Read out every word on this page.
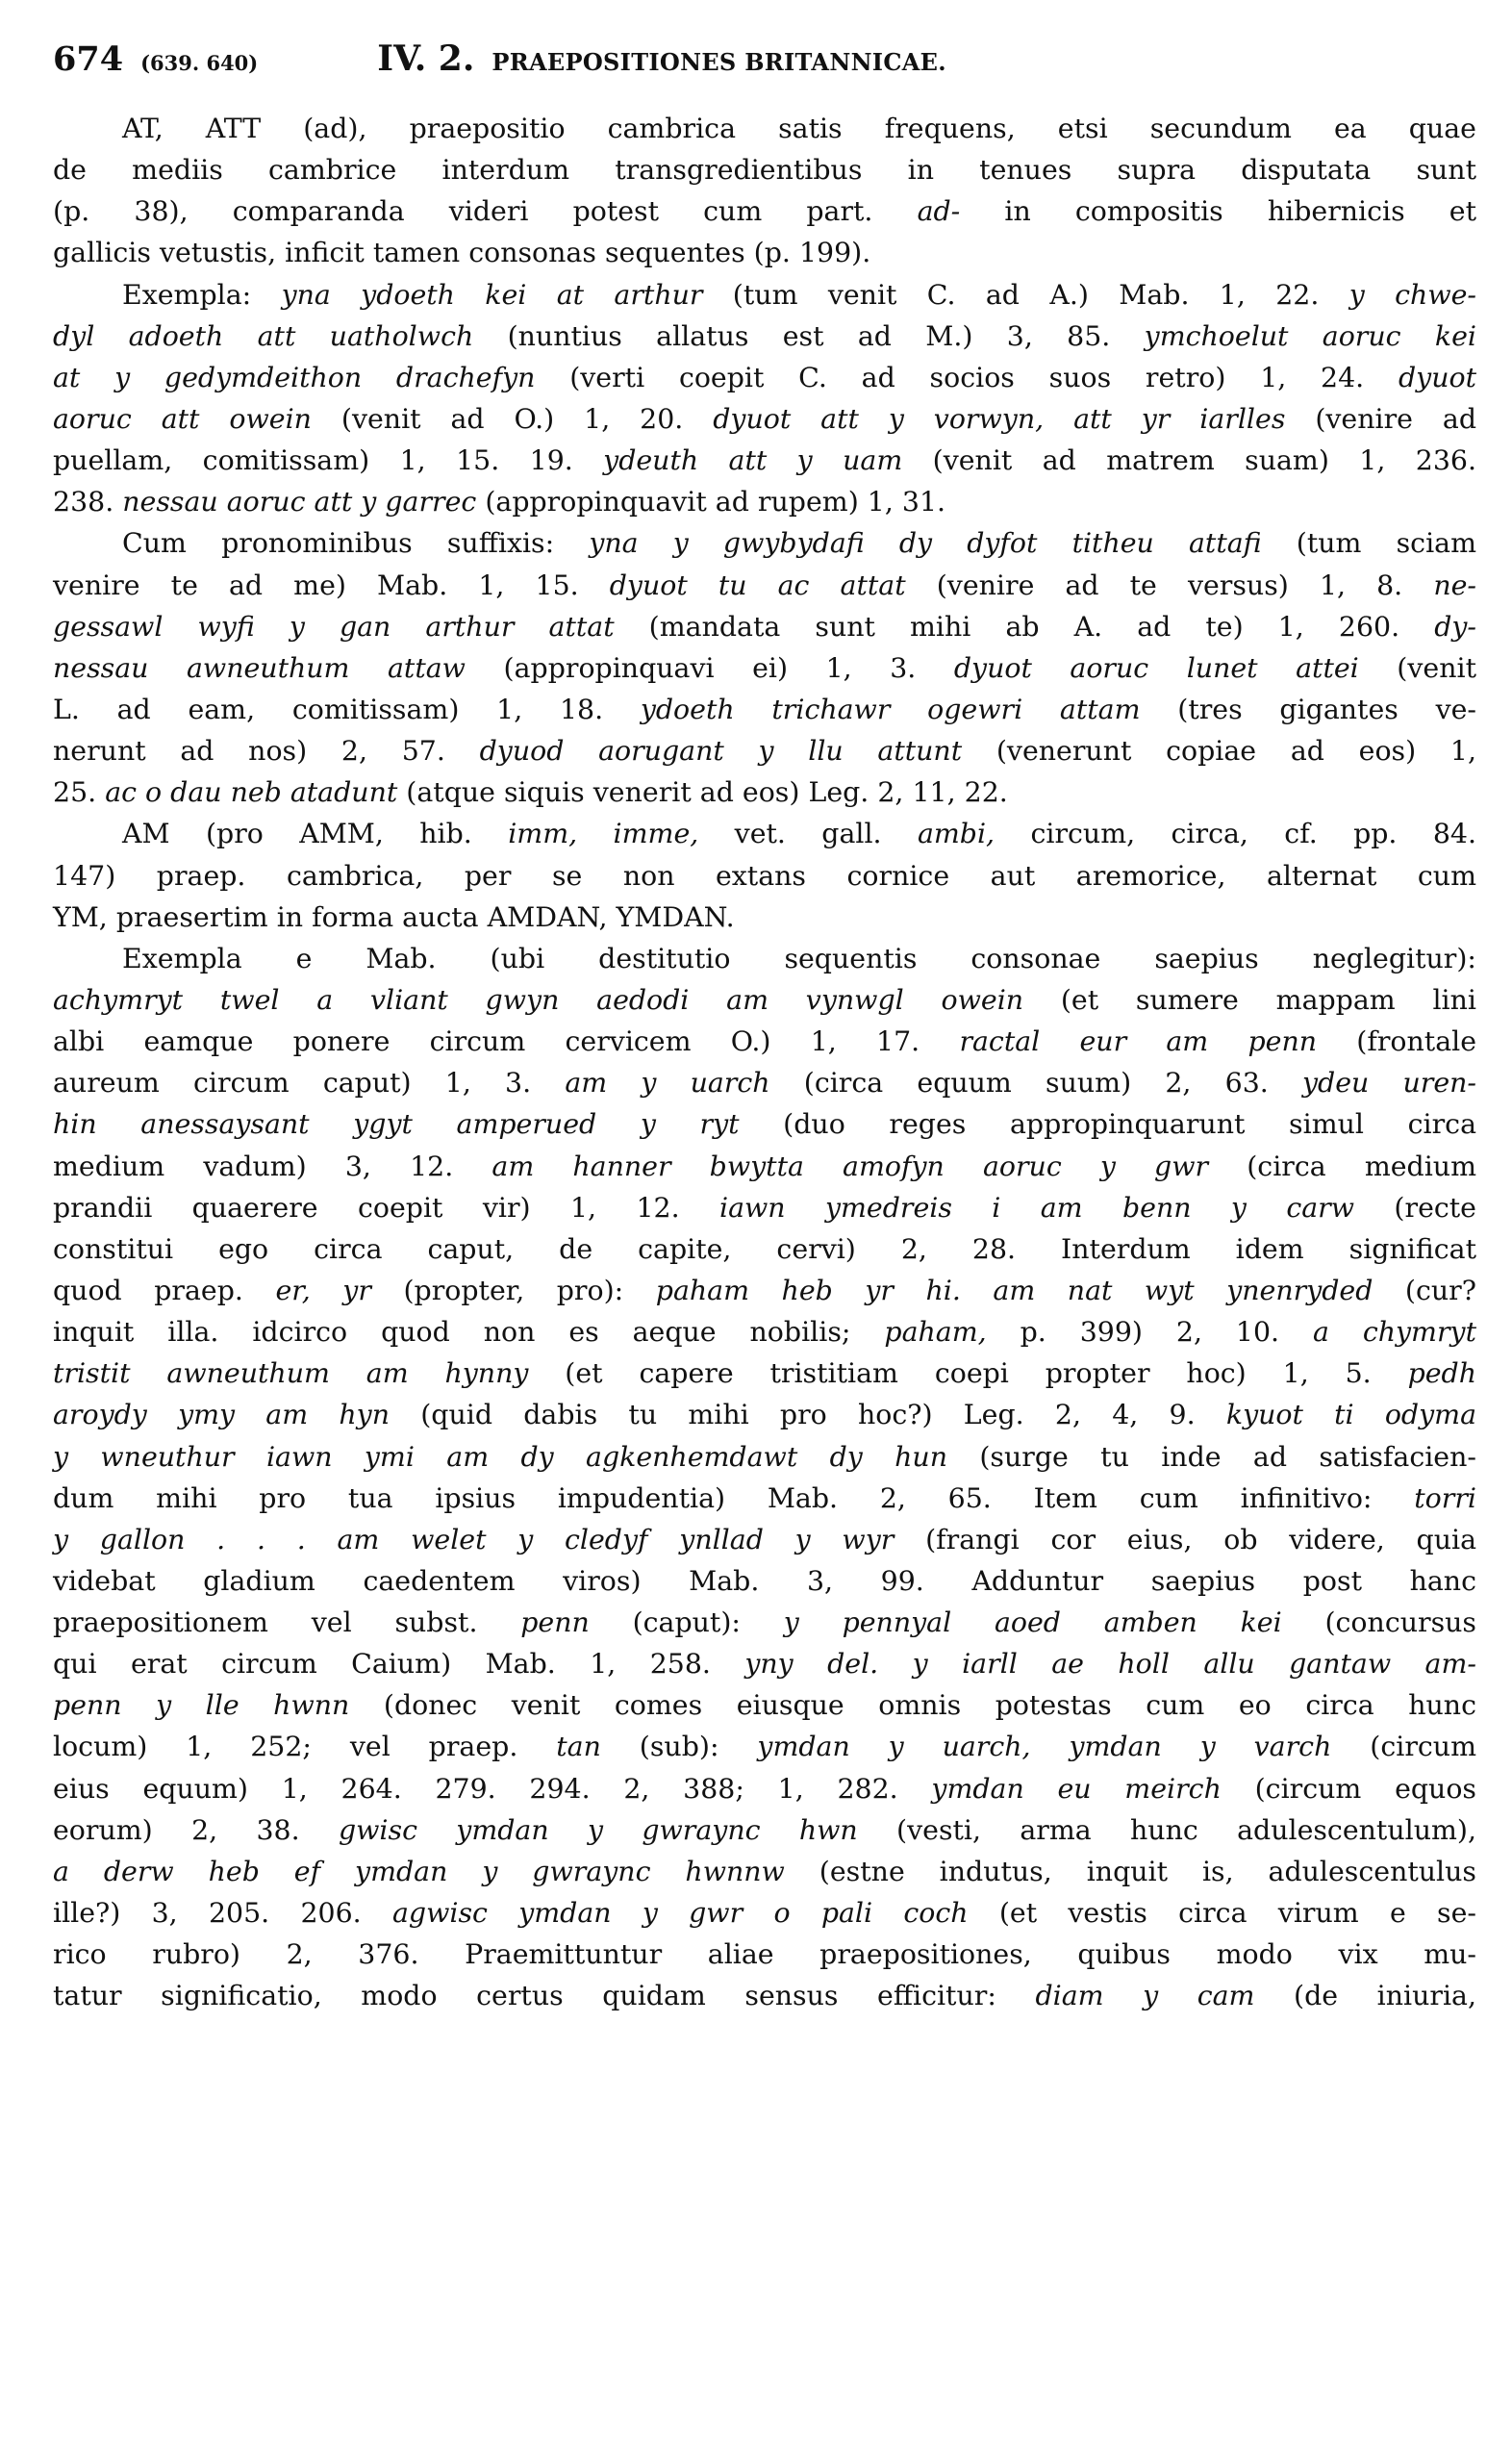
674 (639. 640)	IV. 2. PRAEPOSITIONES BRITANNICAE.
AT, ATT (ad), praepositio cambrica satis frequens, etsi secundum ea quae
de mediis cambrice interdum transgredientibus in tenues supra disputata sunt
(p. 38), comparanda videri potest cum part. ad- in compositis hibernicis et
gallicis vetustis, inficit tamen consonas sequentes (p. 199).
Exempla: yna ydoeth kei at arthur (tum venit C. ad A.) Mab. 1, 22. y chwe-
dyl adoeth att uatholwch (nuntius allatus est ad M.) 3, 85. ymchoelut aoruc kei
at y gedymdeithon drachefyn (verti coepit C. ad socios suos retro) 1, 24. dyuot
aoruc att owein (venit ad O.) 1, 20. dyuot att y vorwyn, att yr iarlles (venire ad
puellam, comitissam) 1, 15. 19. ydeuth att y uam (venit ad matrem suam) 1, 236.
238. nessau aoruc att y garrec (appropinquavit ad rupem) 1, 31.
Cum pronominibus suffixis: yna y gwybydafi dy dyfot titheu attafi (tum sciam
venire te ad me) Mab. 1, 15. dyuot tu ac attat (venire ad te versus) 1, 8. ne-
gessawl wyfi y gan arthur attat (mandata sunt mihi ab A. ad te) 1, 260. dy-
nessau awneuthum attaw (appropinquavi ei) 1, 3. dyuot aoruc lunet attei (venit
L. ad eam, comitissam) 1, 18. ydoeth trichawr ogewri attam (tres gigantes ve-
nerunt ad nos) 2, 57. dyuod aorugant y llu attunt (venerunt copiae ad eos) 1,
25. ac o dau neb atadunt (atque siquis venerit ad eos) Leg. 2, 11, 22.
AM (pro AMM, hib. imm, imme, vet. gall. ambi, circum, circa, cf. pp. 84.
147) praep. cambrica, per se non extans cornice aut aremorice, alternat cum
YM, praesertim in forma aucta AMDAN, YMDAN.
Exempla e Mab. (ubi destitutio sequentis consonae saepius neglegitur):
achymryt twel a vliant gwyn aedodi am vynwgl owein (et sumere mappam lini
albi eamque ponere circum cervicem O.) 1, 17. ractal eur am penn (frontale
aureum circum caput) 1, 3. am y uarch (circa equum suum) 2, 63. ydeu uren-
hin anessaysant ygyt amperued y ryt (duo reges appropinquarunt simul circa
medium vadum) 3, 12. am hanner bwytta amofyn aoruc y gwr (circa medium
prandii quaerere coepit vir) 1, 12. iawn ymedreis i am benn y carw (recte
constitui ego circa caput, de capite, cervi) 2, 28. Interdum idem significat
quod praep. er, yr (propter, pro): paham heb yr hi. am nat wyt ynenryded (cur?
inquit illa. idcirco quod non es aeque nobilis; paham, p. 399) 2, 10. a chymryt
tristit awneuthum am hynny (et capere tristitiam coepi propter hoc) 1, 5. pedh
aroydy ymy am hyn (quid dabis tu mihi pro hoc?) Leg. 2, 4, 9. kyuot ti odyma
y wneuthur iawn ymi am dy agkenhemdawt dy hun (surge tu inde ad satisfacien-
dum mihi pro tua ipsius impudentia) Mab. 2, 65. Item cum infinitivo: torri
y gallon . . . am welet y cledyf ynllad y wyr (frangi cor eius, ob videre, quia
videbat gladium caedentem viros) Mab. 3, 99. Adduntur saepius post hanc
praepositionem vel subst. penn (caput): y pennyal aoed amben kei (concursus
qui erat circum Caium) Mab. 1, 258. yny del. y iarll ae holl allu gantaw am-
penn y lle hwnn (donec venit comes eiusque omnis potestas cum eo circa hunc
locum) 1, 252; vel praep. tan (sub): ymdan y uarch, ymdan y varch (circum
eius equum) 1, 264. 279. 294. 2, 388; 1, 282. ymdan eu meirch (circum equos
eorum) 2, 38. gwisc ymdan y gwraync hwn (vesti, arma hunc adulescentulum),
a derw heb ef ymdan y gwraync hwnnw (estne indutus, inquit is, adulescentulus
ille?) 3, 205. 206. agwisc ymdan y gwr o pali coch (et vestis circa virum e se-
rico rubro) 2, 376. Praemittuntur aliae praepositiones, quibus modo vix mu-
tatur significatio, modo certus quidam sensus efficitur: diam y cam (de iniuria,
